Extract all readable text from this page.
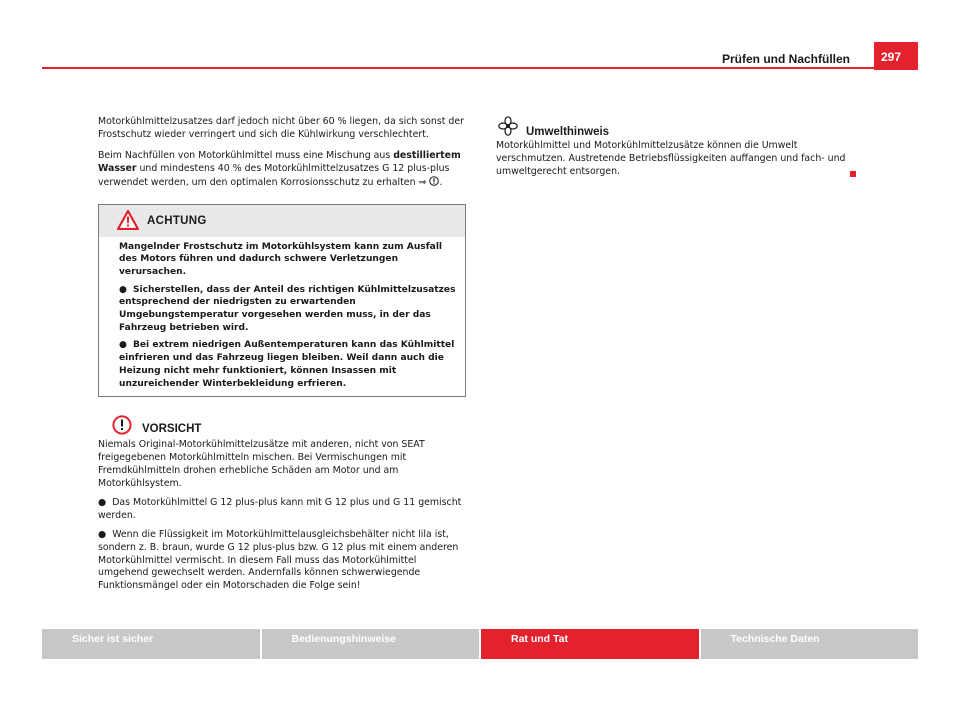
Prüfen und Nachfüllen	297

Motorkühlmittelzusatzes darf jedoch nicht über 60 % liegen, da sich sonst der Frostschutz wieder verringert und sich die Kühlwirkung verschlechtert.

Beim Nachfüllen von Motorkühlmittel muss eine Mischung aus destilliertem Wasser und mindestens 40 % des Motorkühlmittelzusatzes G 12 plus-plus verwendet werden, um den optimalen Korrosionsschutz zu erhalten ⇒ .

ACHTUNG

Mangelnder Frostschutz im Motorkühlsystem kann zum Ausfall des Motors führen und dadurch schwere Verletzungen verursachen.

● Sicherstellen, dass der Anteil des richtigen Kühlmittelzusatzes entsprechend der niedrigsten zu erwartenden Umgebungstemperatur vorgesehen werden muss, in der das Fahrzeug betrieben wird.

● Bei extrem niedrigen Außentemperaturen kann das Kühlmittel einfrieren und das Fahrzeug liegen bleiben. Weil dann auch die Heizung nicht mehr funktioniert, können Insassen mit unzureichender Winterbekleidung erfrieren.

VORSICHT

Niemals Original-Motorkühlmittelzusätze mit anderen, nicht von SEAT freigegebenen Motorkühlmitteln mischen. Bei Vermischungen mit Fremdkühlmitteln drohen erhebliche Schäden am Motor und am Motorkühlsystem.

● Das Motorkühlmittel G 12 plus-plus kann mit G 12 plus und G 11 gemischt werden.

● Wenn die Flüssigkeit im Motorkühlmittelausgleichsbehälter nicht lila ist, sondern z. B. braun, wurde G 12 plus-plus bzw. G 12 plus mit einem anderen Motorkühlmittel vermischt. In diesem Fall muss das Motorkühlmittel umgehend gewechselt werden. Andernfalls können schwerwiegende Funktionsmängel oder ein Motorschaden die Folge sein!

Umwelthinweis

Motorkühlmittel und Motorkühlmittelzusätze können die Umwelt verschmutzen. Austretende Betriebsflüssigkeiten auffangen und fach- und umweltgerecht entsorgen.

Sicher ist sicher	Bedienungshinweise	Rat und Tat	Technische Daten
